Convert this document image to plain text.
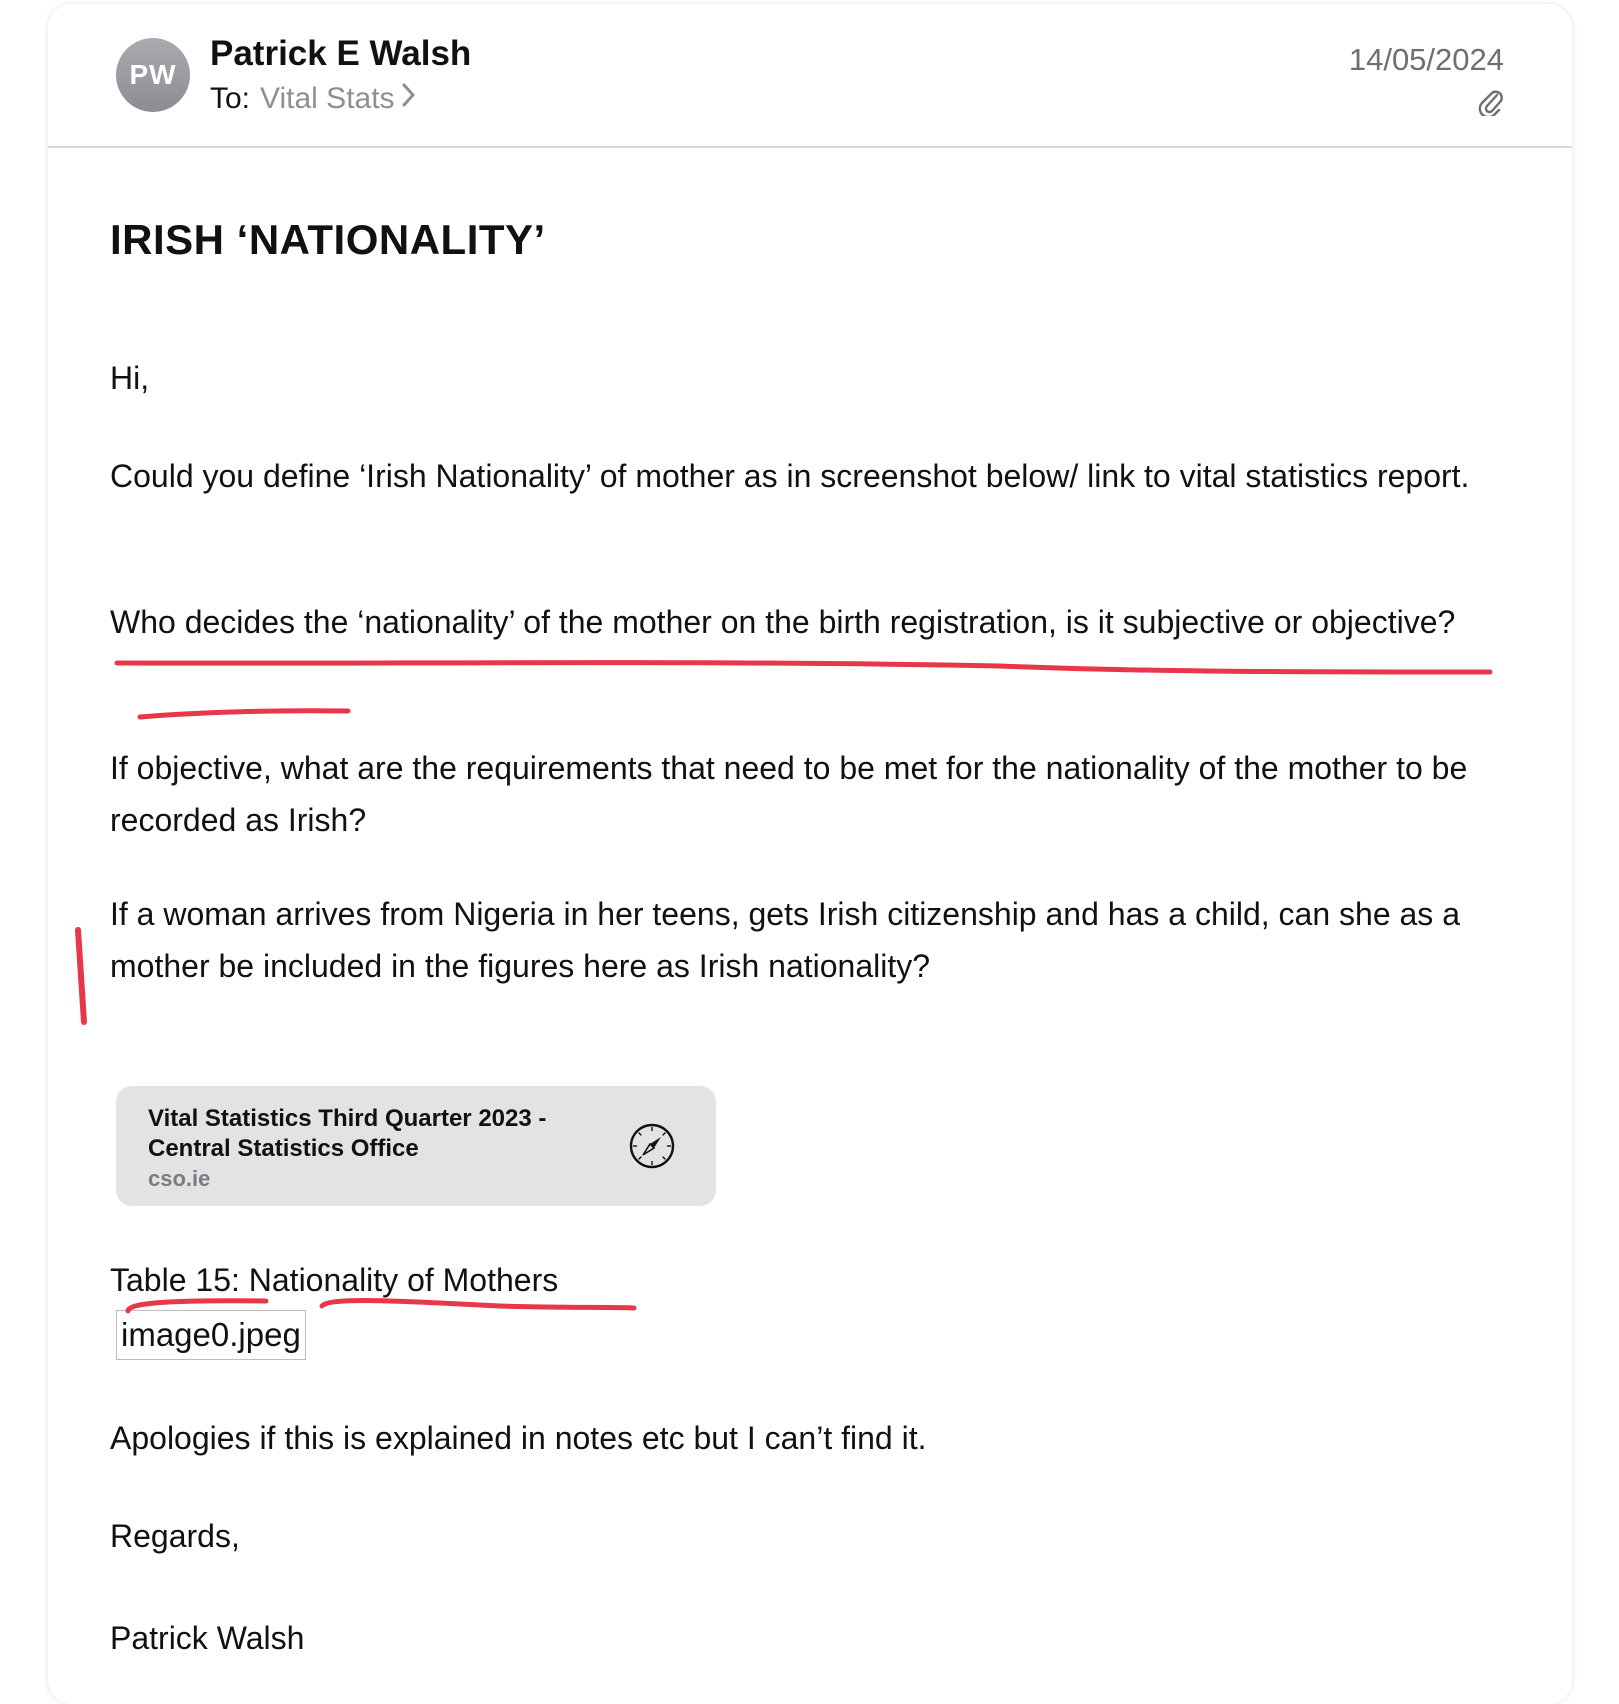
PW
Patrick E Walsh
To: Vital Stats
14/05/2024
IRISH ‘NATIONALITY’

Hi,

Could you define ‘Irish Nationality’ of mother as in screenshot below/ link to vital statistics report.

Who decides the ‘nationality’ of the mother on the birth registration, is it subjective or objective?

If objective, what are the requirements that need to be met for the nationality of the mother to be recorded as Irish?

If a woman arrives from Nigeria in her teens, gets Irish citizenship and has a child, can she as a mother be included in the figures here as Irish nationality?

Table 15: Nationality of Mothers

Apologies if this is explained in notes etc but I can’t find it.

Regards,

Patrick Walsh

Vital Statistics Third Quarter 2023 - Central Statistics Office
cso.ie
image0.jpeg
